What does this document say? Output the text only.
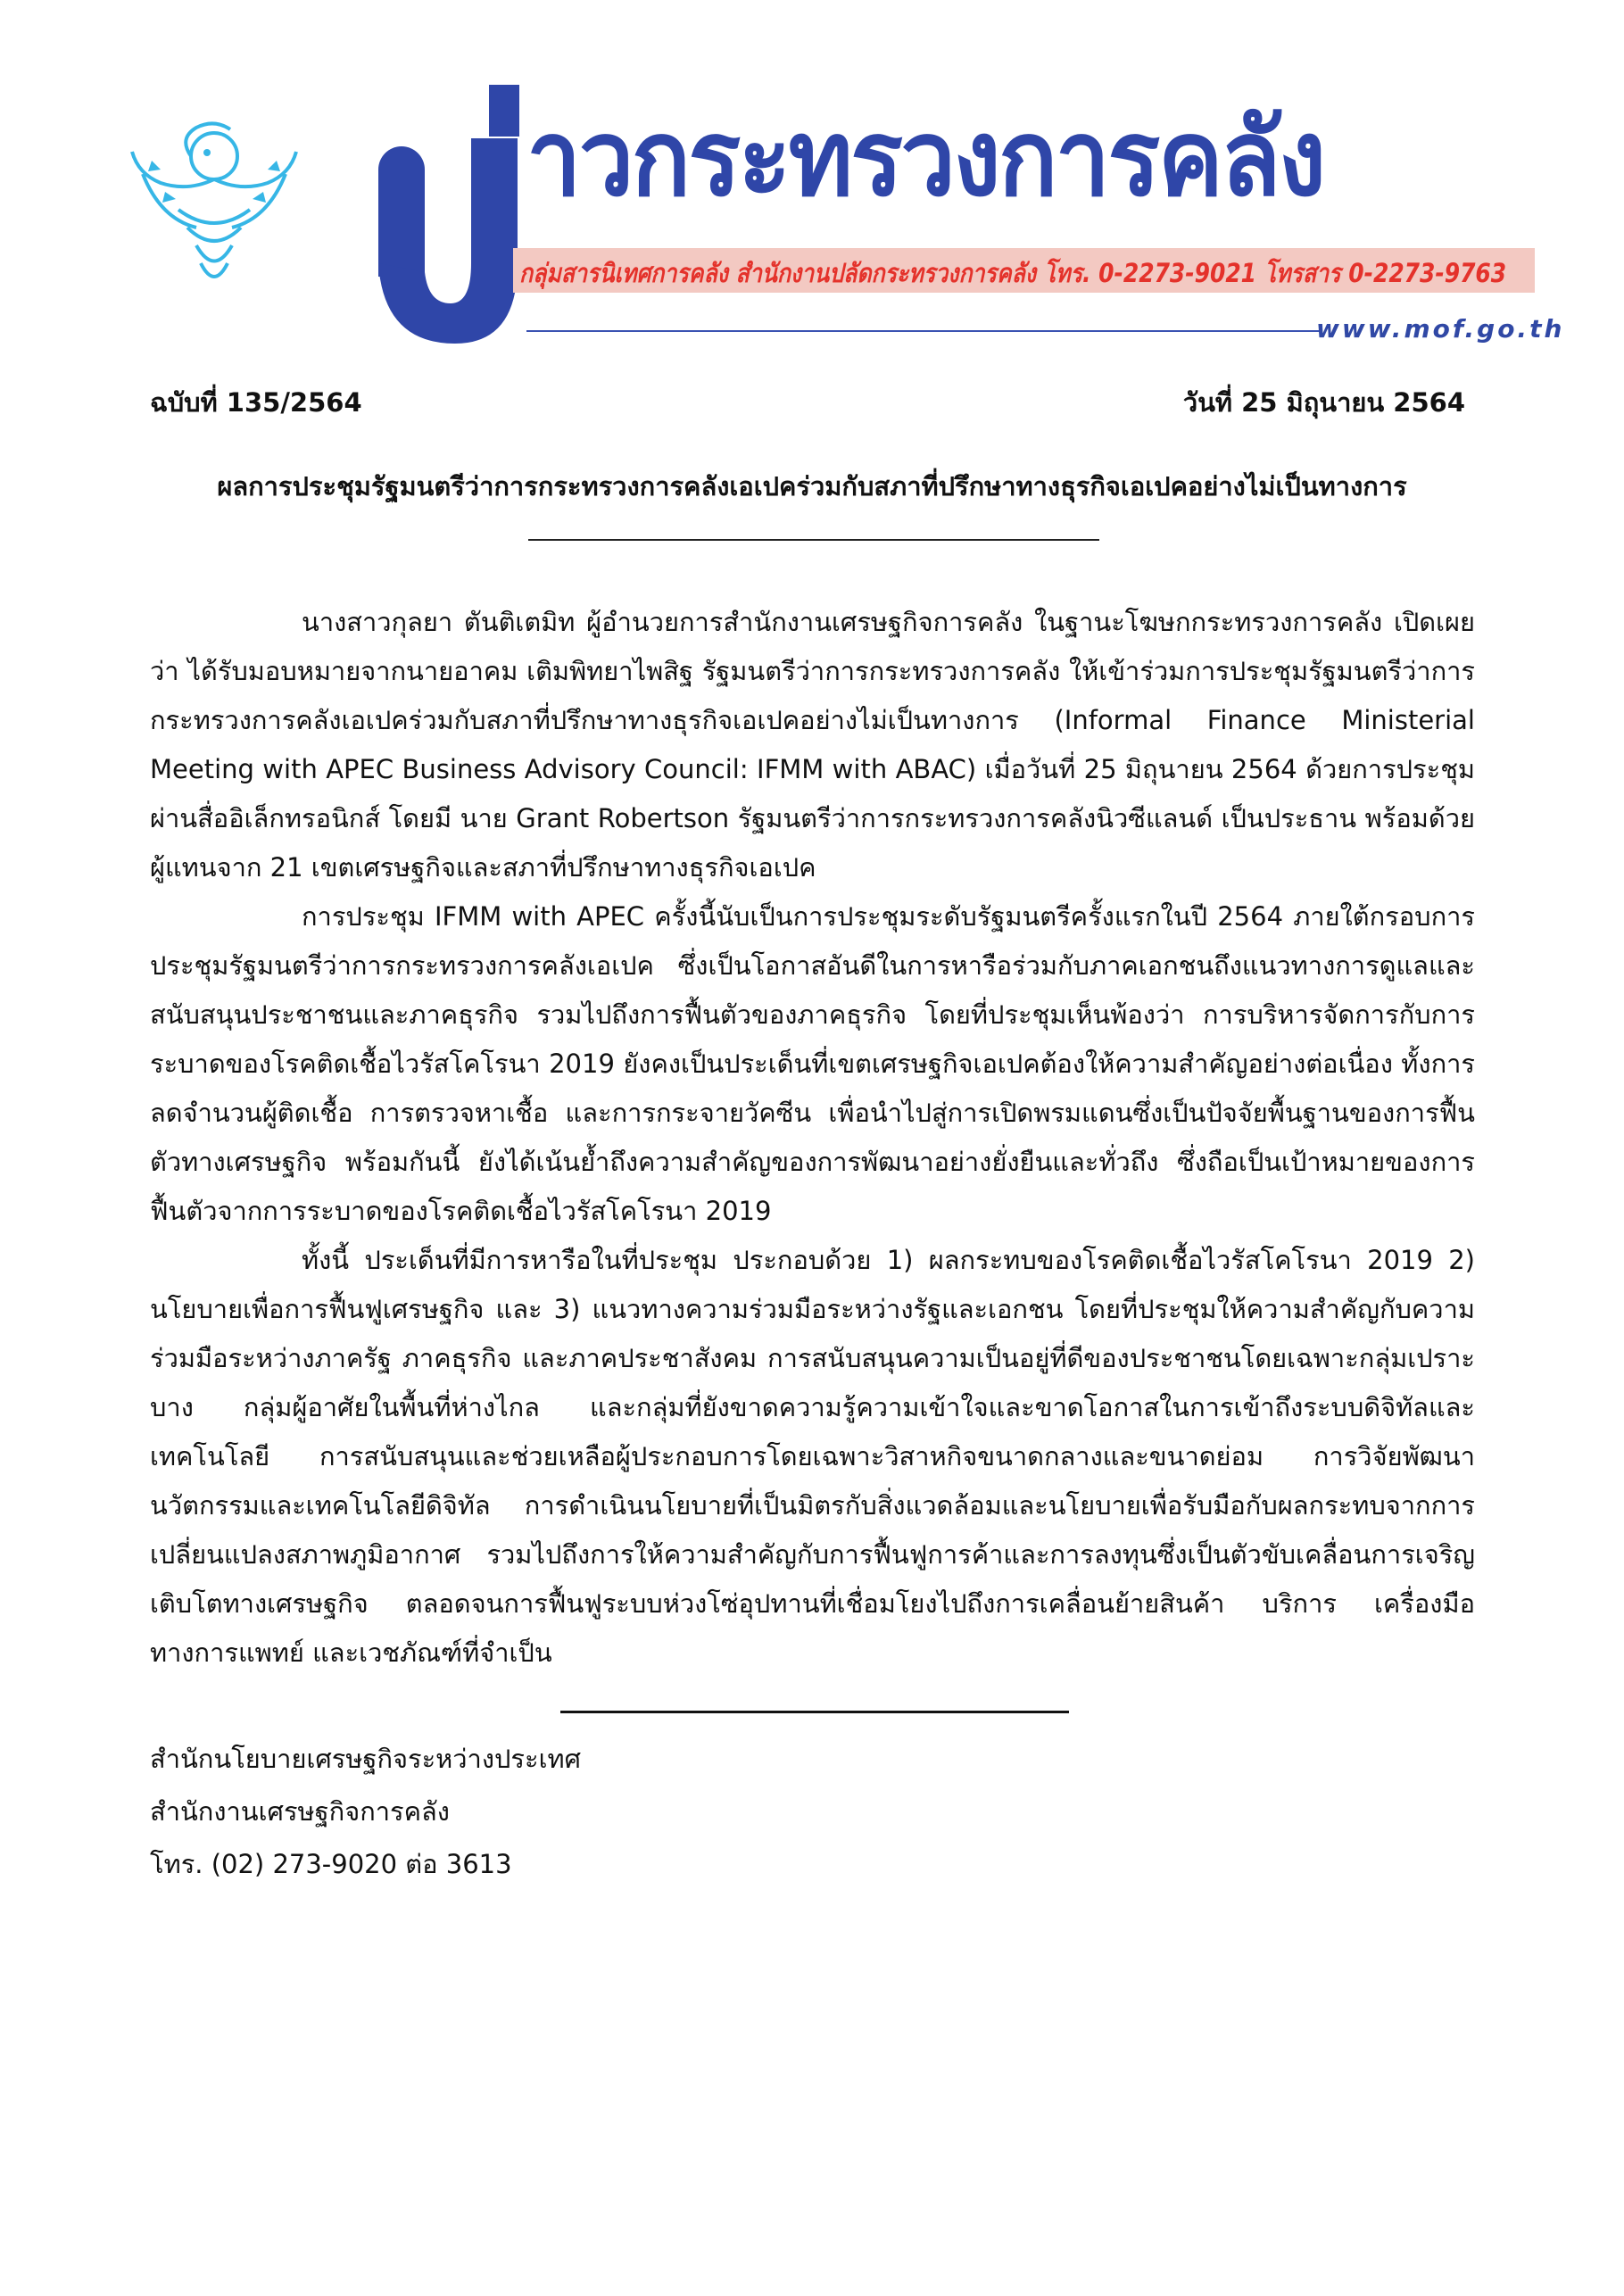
าวกระทรวงการคลัง
กลุ่มสารนิเทศการคลัง สำนักงานปลัดกระทรวงการคลัง โทร. 0-2273-9021 โทรสาร 0-2273-9763
www.mof.go.th
ฉบับที่ 135/2564	วันที่ 25 มิถุนายน 2564
ผลการประชุมรัฐมนตรีว่าการกระทรวงการคลังเอเปคร่วมกับสภาที่ปรึกษาทางธุรกิจเอเปคอย่างไม่เป็นทางการ

นางสาวกุลยา ตันติเตมิท ผู้อำนวยการสำนักงานเศรษฐกิจการคลัง ในฐานะโฆษกกระทรวงการคลัง เปิดเผยว่า ได้รับมอบหมายจากนายอาคม เติมพิทยาไพสิฐ รัฐมนตรีว่าการกระทรวงการคลัง ให้เข้าร่วมการประชุมรัฐมนตรีว่าการกระทรวงการคลังเอเปคร่วมกับสภาที่ปรึกษาทางธุรกิจเอเปคอย่างไม่เป็นทางการ (Informal Finance Ministerial Meeting with APEC Business Advisory Council: IFMM with ABAC) เมื่อวันที่ 25 มิถุนายน 2564 ด้วยการประชุมผ่านสื่ออิเล็กทรอนิกส์ โดยมี นาย Grant Robertson รัฐมนตรีว่าการกระทรวงการคลังนิวซีแลนด์ เป็นประธาน พร้อมด้วยผู้แทนจาก 21 เขตเศรษฐกิจและสภาที่ปรึกษาทางธุรกิจเอเปค

การประชุม IFMM with APEC ครั้งนี้นับเป็นการประชุมระดับรัฐมนตรีครั้งแรกในปี 2564 ภายใต้กรอบการประชุมรัฐมนตรีว่าการกระทรวงการคลังเอเปค ซึ่งเป็นโอกาสอันดีในการหารือร่วมกับภาคเอกชนถึงแนวทางการดูแลและสนับสนุนประชาชนและภาคธุรกิจ รวมไปถึงการฟื้นตัวของภาคธุรกิจ โดยที่ประชุมเห็นพ้องว่า การบริหารจัดการกับการระบาดของโรคติดเชื้อไวรัสโคโรนา 2019 ยังคงเป็นประเด็นที่เขตเศรษฐกิจเอเปคต้องให้ความสำคัญอย่างต่อเนื่อง ทั้งการลดจำนวนผู้ติดเชื้อ การตรวจหาเชื้อ และการกระจายวัคซีน เพื่อนำไปสู่การเปิดพรมแดนซึ่งเป็นปัจจัยพื้นฐานของการฟื้นตัวทางเศรษฐกิจ พร้อมกันนี้ ยังได้เน้นย้ำถึงความสำคัญของการพัฒนาอย่างยั่งยืนและทั่วถึง ซึ่งถือเป็นเป้าหมายของการฟื้นตัวจากการระบาดของโรคติดเชื้อไวรัสโคโรนา 2019

ทั้งนี้ ประเด็นที่มีการหารือในที่ประชุม ประกอบด้วย 1) ผลกระทบของโรคติดเชื้อไวรัสโคโรนา 2019 2) นโยบายเพื่อการฟื้นฟูเศรษฐกิจ และ 3) แนวทางความร่วมมือระหว่างรัฐและเอกชน โดยที่ประชุมให้ความสำคัญกับความร่วมมือระหว่างภาครัฐ ภาคธุรกิจ และภาคประชาสังคม การสนับสนุนความเป็นอยู่ที่ดีของประชาชนโดยเฉพาะกลุ่มเปราะบาง กลุ่มผู้อาศัยในพื้นที่ห่างไกล และกลุ่มที่ยังขาดความรู้ความเข้าใจและขาดโอกาสในการเข้าถึงระบบดิจิทัลและเทคโนโลยี การสนับสนุนและช่วยเหลือผู้ประกอบการโดยเฉพาะวิสาหกิจขนาดกลางและขนาดย่อม การวิจัยพัฒนานวัตกรรมและเทคโนโลยีดิจิทัล การดำเนินนโยบายที่เป็นมิตรกับสิ่งแวดล้อมและนโยบายเพื่อรับมือกับผลกระทบจากการเปลี่ยนแปลงสภาพภูมิอากาศ รวมไปถึงการให้ความสำคัญกับการฟื้นฟูการค้าและการลงทุนซึ่งเป็นตัวขับเคลื่อนการเจริญเติบโตทางเศรษฐกิจ ตลอดจนการฟื้นฟูระบบห่วงโซ่อุปทานที่เชื่อมโยงไปถึงการเคลื่อนย้ายสินค้า บริการ เครื่องมือทางการแพทย์ และเวชภัณฑ์ที่จำเป็น

สำนักนโยบายเศรษฐกิจระหว่างประเทศ
สำนักงานเศรษฐกิจการคลัง
โทร. (02) 273-9020 ต่อ 3613
